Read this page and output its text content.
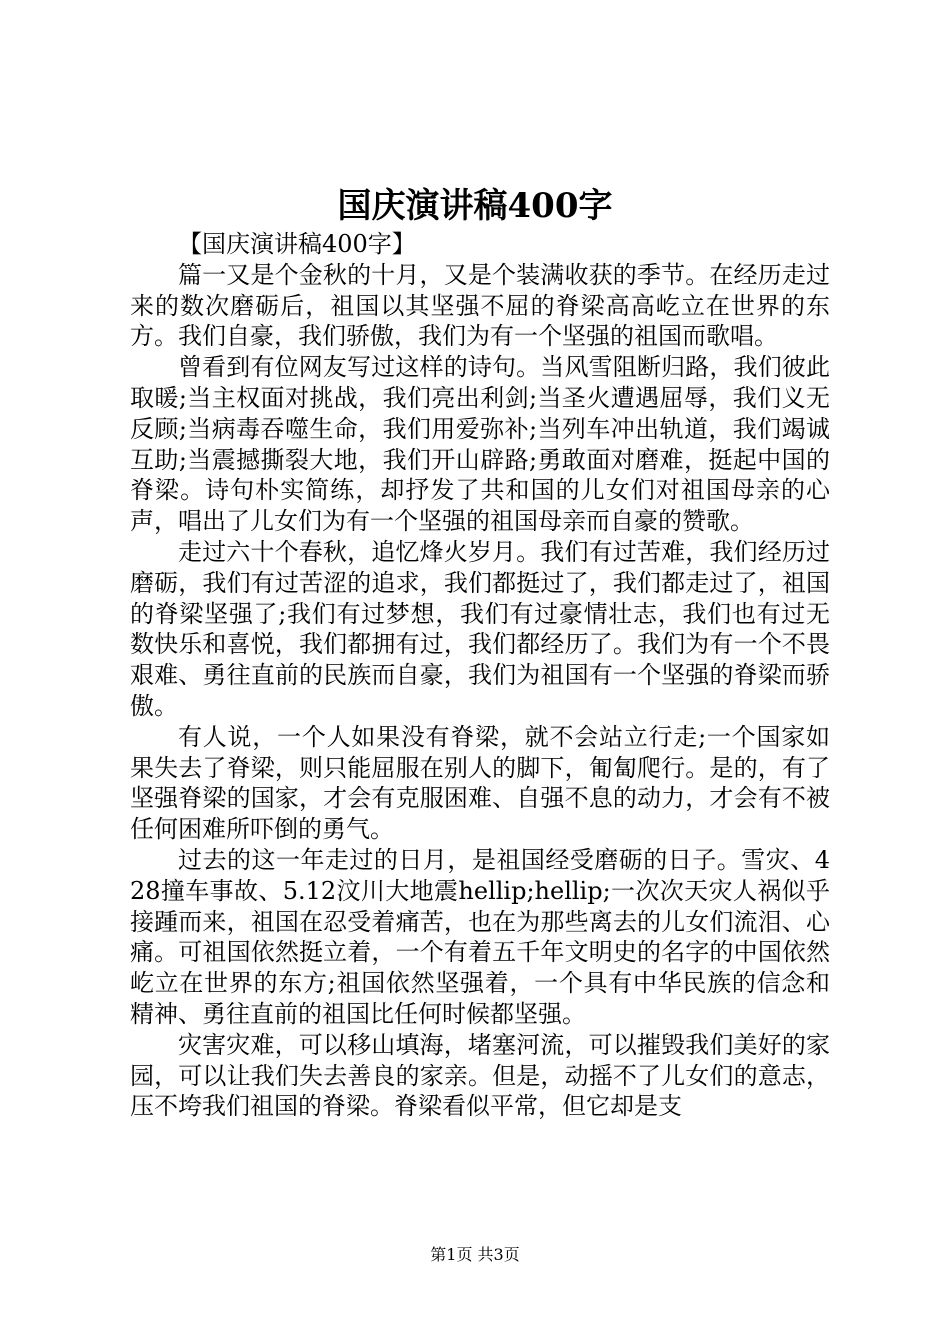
国庆演讲稿400字

【国庆演讲稿400字】

篇一又是个金秋的十月，又是个装满收获的季节。在经历走过来的数次磨砺后，祖国以其坚强不屈的脊梁高高屹立在世界的东方。我们自豪，我们骄傲，我们为有一个坚强的祖国而歌唱。

曾看到有位网友写过这样的诗句。当风雪阻断归路，我们彼此取暖;当主权面对挑战，我们亮出利剑;当圣火遭遇屈辱，我们义无反顾;当病毒吞噬生命，我们用爱弥补;当列车冲出轨道，我们竭诚互助;当震撼撕裂大地，我们开山辟路;勇敢面对磨难，挺起中国的脊梁。诗句朴实简练，却抒发了共和国的儿女们对祖国母亲的心声，唱出了儿女们为有一个坚强的祖国母亲而自豪的赞歌。

走过六十个春秋，追忆烽火岁月。我们有过苦难，我们经历过磨砺，我们有过苦涩的追求，我们都挺过了，我们都走过了，祖国的脊梁坚强了;我们有过梦想，我们有过豪情壮志，我们也有过无数快乐和喜悦，我们都拥有过，我们都经历了。我们为有一个不畏艰难、勇往直前的民族而自豪，我们为祖国有一个坚强的脊梁而骄傲。

有人说，一个人如果没有脊梁，就不会站立行走;一个国家如果失去了脊梁，则只能屈服在别人的脚下，匍匐爬行。是的，有了坚强脊梁的国家，才会有克服困难、自强不息的动力，才会有不被任何困难所吓倒的勇气。

过去的这一年走过的日月，是祖国经受磨砺的日子。雪灾、428撞车事故、5.12汶川大地震hellip;hellip;一次次天灾人祸似乎接踵而来，祖国在忍受着痛苦，也在为那些离去的儿女们流泪、心痛。可祖国依然挺立着，一个有着五千年文明史的名字的中国依然屹立在世界的东方;祖国依然坚强着，一个具有中华民族的信念和精神、勇往直前的祖国比任何时候都坚强。

灾害灾难，可以移山填海，堵塞河流，可以摧毁我们美好的家园，可以让我们失去善良的家亲。但是，动摇不了儿女们的意志，压不垮我们祖国的脊梁。脊梁看似平常，但它却是支

第1页 共3页
